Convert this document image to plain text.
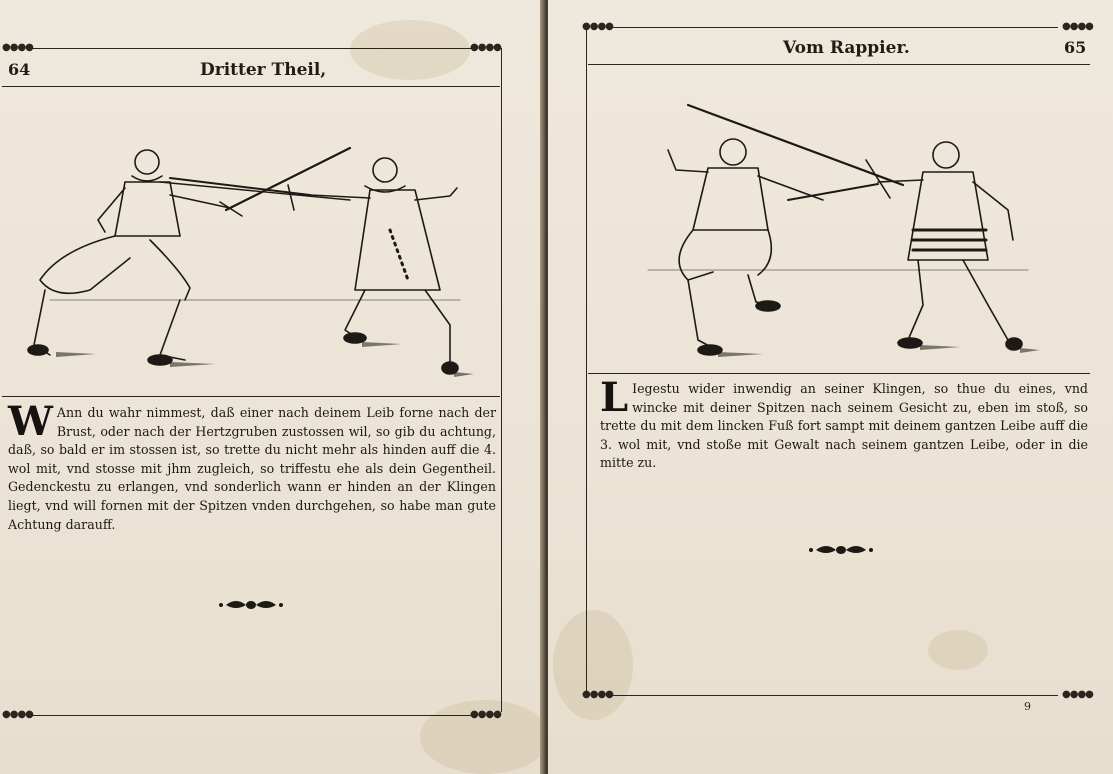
●●●●	●●●●
64	Dritter Theil,
W Ann du wahr nimmest, daß einer nach deinem Leib forne nach der Brust, oder nach der Hertzgruben zustossen wil, so gib du achtung, daß, so bald er im stossen ist, so trette du nicht mehr als hinden auff die 4. wol mit, vnd stosse mit jhm zugleich, so triffestu ehe als dein Gegentheil. Gedenckestu zu erlangen, vnd sonderlich wann er hinden an der Klingen liegt, vnd will fornen mit der Spitzen vnden durchgehen, so habe man gute Achtung darauff.
●●●●	●●●●
●●●●	●●●●
Vom Rappier.	65
L Iegestu wider inwendig an seiner Klingen, so thue du eines, vnd wincke mit deiner Spitzen nach seinem Gesicht zu, eben im stoß, so trette du mit dem lincken Fuß fort sampt mit deinem gantzen Leibe auff die 3. wol mit, vnd stoße mit Gewalt nach seinem gantzen Leibe, oder in die mitte zu.
●●●●	●●●●
9
